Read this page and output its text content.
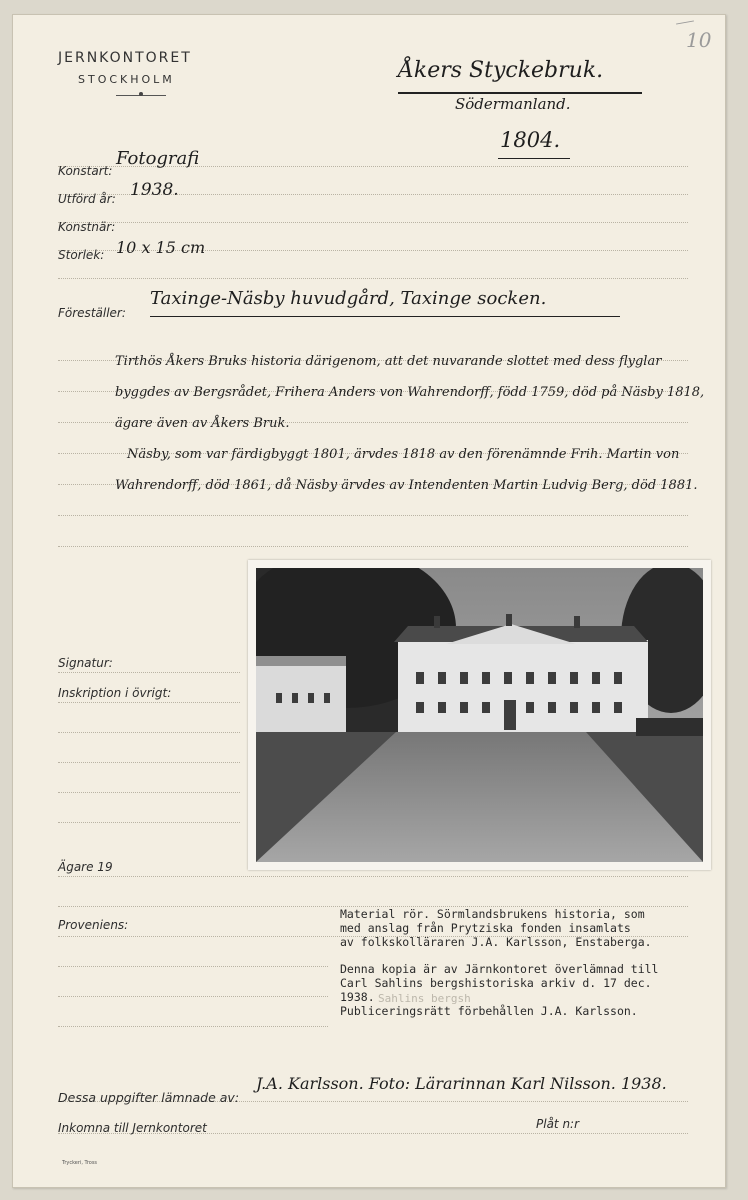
10
JERNKONTORET
STOCKHOLM	Åkers Styckebruk.
Södermanland.
1804.
Konstart:
Fotografi
Utförd år: 1938.
Konstnär:
Storlek: 10 x 15 cm
Föreställer:
Taxinge-Näsby huvudgård, Taxinge socken.

Tirthös Åkers Bruks historia därigenom, att det nuvarande slottet med dess flyglar byggdes av Bergsrådet, Frihera Anders von Wahrendorff, född 1759, död på Näsby 1818, ägare även av Åkers Bruk.

Näsby, som var färdigbyggt 1801, ärvdes 1818 av den förenämnde Frih. Martin von Wahrendorff, död 1861, då Näsby ärvdes av Intendenten Martin Ludvig Berg, död 1881.

Signatur:
Inskription i övrigt:
Ägare 19
Proveniens:
Material rör. Sörmlandsbrukens historia, som
med anslag från Prytziska fonden insamlats
av folkskolläraren J.A. Karlsson, Enstaberga.
Denna kopia är av Järnkontoret överlämnad till
Carl Sahlins bergshistoriska arkiv d. 17 dec.
1938.
Publiceringsrätt förbehållen J.A. Karlsson.
Sahlins bergsh
Dessa uppgifter lämnade av:
J.A. Karlsson. Foto: Lärarinnan Karl Nilsson. 1938.
Inkomna till Jernkontoret	Plåt n:r
Tryckeri, Tross
